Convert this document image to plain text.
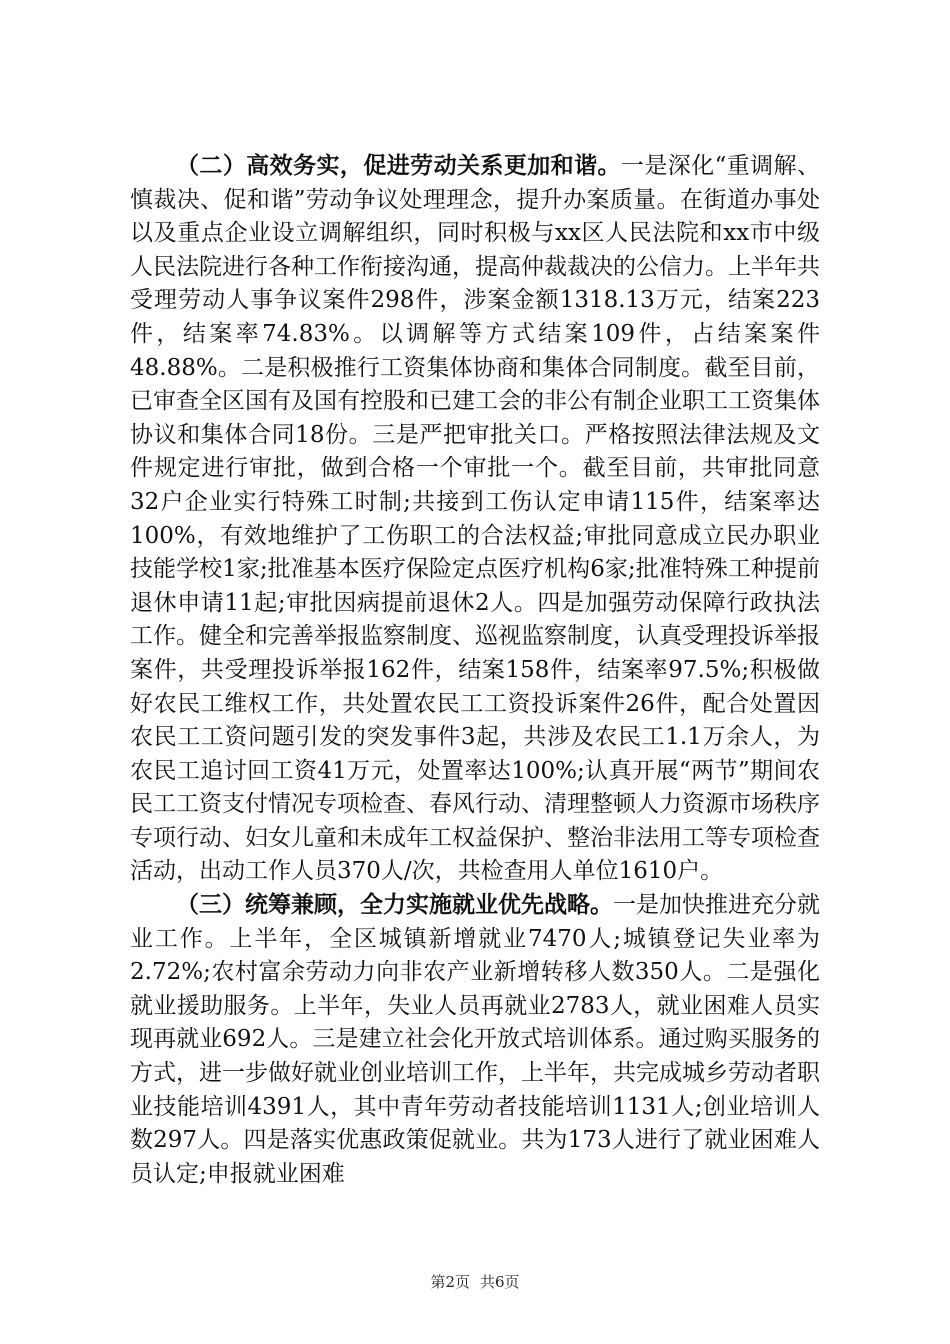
（二）高效务实，促进劳动关系更加和谐。一是深化“重调解、慎裁决、促和谐”劳动争议处理理念，提升办案质量。在街道办事处以及重点企业设立调解组织，同时积极与xx区人民法院和xx市中级人民法院进行各种工作衔接沟通，提高仲裁裁决的公信力。上半年共受理劳动人事争议案件298件，涉案金额1318.13万元，结案223件，结案率74.83%。以调解等方式结案109件，占结案案件48.88%。二是积极推行工资集体协商和集体合同制度。截至目前，已审查全区国有及国有控股和已建工会的非公有制企业职工工资集体协议和集体合同18份。三是严把审批关口。严格按照法律法规及文件规定进行审批，做到合格一个审批一个。截至目前，共审批同意32户企业实行特殊工时制;共接到工伤认定申请115件，结案率达100%，有效地维护了工伤职工的合法权益;审批同意成立民办职业技能学校1家;批准基本医疗保险定点医疗机构6家;批准特殊工种提前退休申请11起;审批因病提前退休2人。四是加强劳动保障行政执法工作。健全和完善举报监察制度、巡视监察制度，认真受理投诉举报案件，共受理投诉举报162件，结案158件，结案率97.5%;积极做好农民工维权工作，共处置农民工工资投诉案件26件，配合处置因农民工工资问题引发的突发事件3起，共涉及农民工1.1万余人，为农民工追讨回工资41万元，处置率达100%;认真开展“两节”期间农民工工资支付情况专项检查、春风行动、清理整顿人力资源市场秩序专项行动、妇女儿童和未成年工权益保护、整治非法用工等专项检查活动，出动工作人员370人/次，共检查用人单位1610户。

（三）统筹兼顾，全力实施就业优先战略。一是加快推进充分就业工作。上半年，全区城镇新增就业7470人;城镇登记失业率为2.72%;农村富余劳动力向非农产业新增转移人数350人。二是强化就业援助服务。上半年，失业人员再就业2783人，就业困难人员实现再就业692人。三是建立社会化开放式培训体系。通过购买服务的方式，进一步做好就业创业培训工作，上半年，共完成城乡劳动者职业技能培训4391人，其中青年劳动者技能培训1131人;创业培训人数297人。四是落实优惠政策促就业。共为173人进行了就业困难人员认定;申报就业困难

第2页 共6页
